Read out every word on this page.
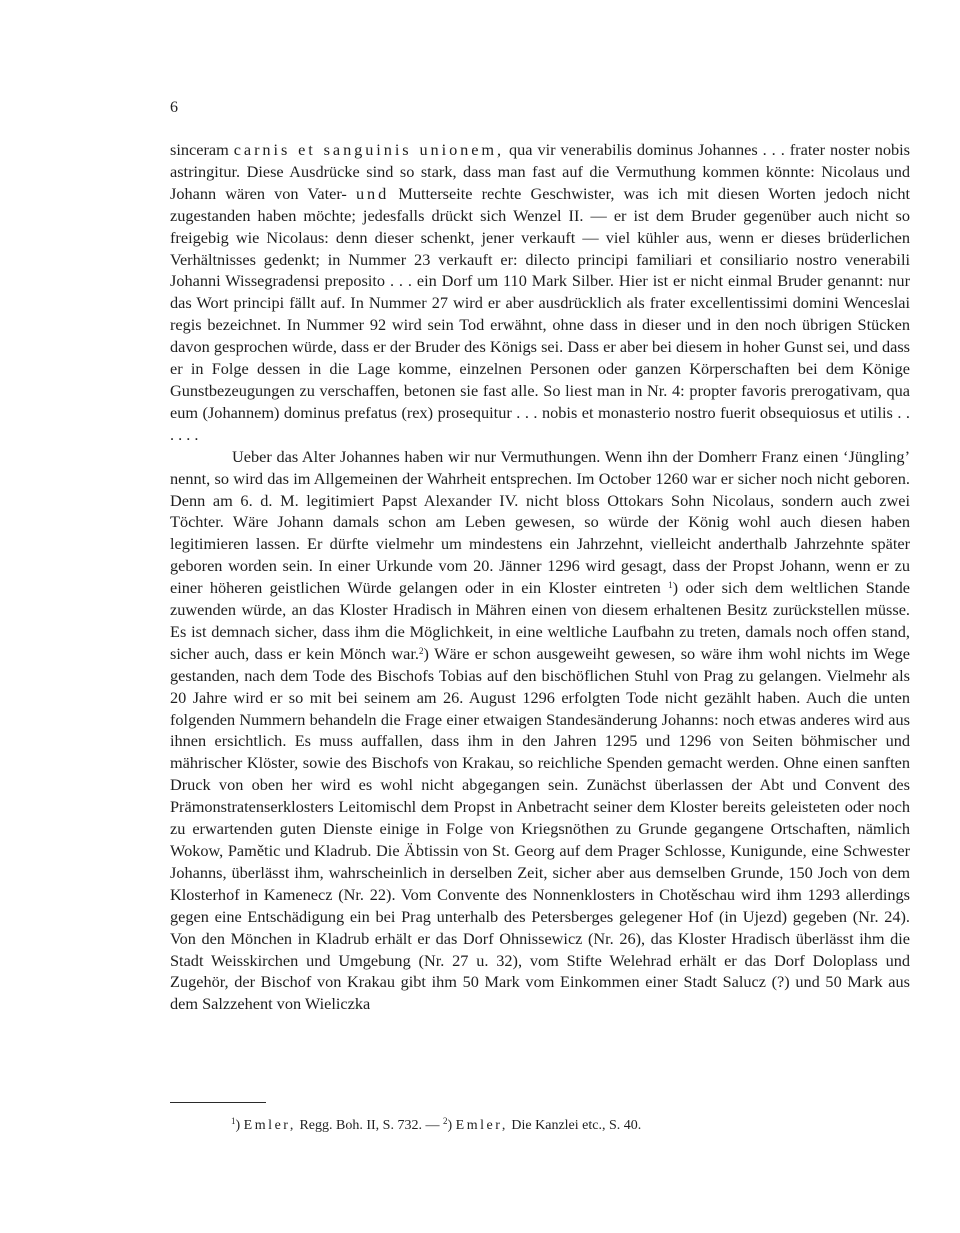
6

sinceram carnis et sanguinis unionem, qua vir venerabilis dominus Johannes . . . frater noster nobis astringitur. Diese Ausdrücke sind so stark, dass man fast auf die Vermuthung kommen könnte: Nicolaus und Johann wären von Vater- und Mutterseite rechte Geschwister, was ich mit diesen Worten jedoch nicht zugestanden haben möchte; jedesfalls drückt sich Wenzel II. — er ist dem Bruder gegenüber auch nicht so freigebig wie Nicolaus: denn dieser schenkt, jener verkauft — viel kühler aus, wenn er dieses brüderlichen Verhältnisses gedenkt; in Nummer 23 verkauft er: dilecto principi familiari et consiliario nostro venerabili Johanni Wissegradensi preposito . . . ein Dorf um 110 Mark Silber. Hier ist er nicht einmal Bruder genannt: nur das Wort principi fällt auf. In Nummer 27 wird er aber ausdrücklich als frater excellentissimi domini Wenceslai regis bezeichnet. In Nummer 92 wird sein Tod erwähnt, ohne dass in dieser und in den noch übrigen Stücken davon gesprochen würde, dass er der Bruder des Königs sei. Dass er aber bei diesem in hoher Gunst sei, und dass er in Folge dessen in die Lage komme, einzelnen Personen oder ganzen Körperschaften bei dem Könige Gunstbezeugungen zu verschaffen, betonen sie fast alle. So liest man in Nr. 4: propter favoris prerogativam, qua eum (Johannem) dominus prefatus (rex) prosequitur . . . nobis et monasterio nostro fuerit obsequiosus et utilis . . . . . .

Ueber das Alter Johannes haben wir nur Vermuthungen. Wenn ihn der Domherr Franz einen ‘Jüngling’ nennt, so wird das im Allgemeinen der Wahrheit entsprechen. Im October 1260 war er sicher noch nicht geboren. Denn am 6. d. M. legitimiert Papst Alexander IV. nicht bloss Ottokars Sohn Nicolaus, sondern auch zwei Töchter. Wäre Johann damals schon am Leben gewesen, so würde der König wohl auch diesen haben legitimieren lassen. Er dürfte vielmehr um mindestens ein Jahrzehnt, vielleicht anderthalb Jahrzehnte später geboren worden sein. In einer Urkunde vom 20. Jänner 1296 wird gesagt, dass der Propst Johann, wenn er zu einer höheren geistlichen Würde gelangen oder in ein Kloster eintreten $^1$) oder sich dem weltlichen Stande zuwenden würde, an das Kloster Hradisch in Mähren einen von diesem erhaltenen Besitz zurückstellen müsse. Es ist demnach sicher, dass ihm die Möglichkeit, in eine weltliche Laufbahn zu treten, damals noch offen stand, sicher auch, dass er kein Mönch war.$^2$) Wäre er schon ausgeweiht gewesen, so wäre ihm wohl nichts im Wege gestanden, nach dem Tode des Bischofs Tobias auf den bischöflichen Stuhl von Prag zu gelangen. Vielmehr als 20 Jahre wird er so mit bei seinem am 26. August 1296 erfolgten Tode nicht gezählt haben. Auch die unten folgenden Nummern behandeln die Frage einer etwaigen Standesänderung Johanns: noch etwas anderes wird aus ihnen ersichtlich. Es muss auffallen, dass ihm in den Jahren 1295 und 1296 von Seiten böhmischer und mährischer Klöster, sowie des Bischofs von Krakau, so reichliche Spenden gemacht werden. Ohne einen sanften Druck von oben her wird es wohl nicht abgegangen sein. Zunächst überlassen der Abt und Convent des Prämonstratenserklosters Leitomischl dem Propst in Anbetracht seiner dem Kloster bereits geleisteten oder noch zu erwartenden guten Dienste einige in Folge von Kriegsnöthen zu Grunde gegangene Ortschaften, nämlich Wokow, Pamětic und Kladrub. Die Äbtissin von St. Georg auf dem Prager Schlosse, Kunigunde, eine Schwester Johanns, überlässt ihm, wahrscheinlich in derselben Zeit, sicher aber aus demselben Grunde, 150 Joch von dem Klosterhof in Kamenecz (Nr. 22). Vom Convente des Nonnenklosters in Chotěschau wird ihm 1293 allerdings gegen eine Entschädigung ein bei Prag unterhalb des Petersberges gelegener Hof (in Ujezd) gegeben (Nr. 24). Von den Mönchen in Kladrub erhält er das Dorf Ohnissewicz (Nr. 26), das Kloster Hradisch überlässt ihm die Stadt Weisskirchen und Umgebung (Nr. 27 u. 32), vom Stifte Welehrad erhält er das Dorf Doloplass und Zugehör, der Bischof von Krakau gibt ihm 50 Mark vom Einkommen einer Stadt Salucz (?) und 50 Mark aus dem Salzzehent von Wieliczka

$^1$) Emler, Regg. Boh. II, S. 732. — $^2$) Emler, Die Kanzlei etc., S. 40.
